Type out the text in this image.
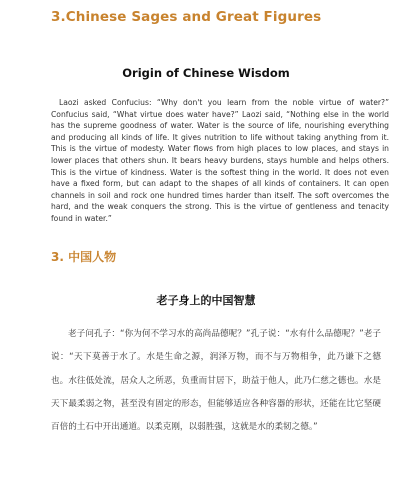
3.Chinese Sages and Great Figures
Origin of Chinese Wisdom
Laozi asked Confucius: “Why don't you learn from the noble virtue of water?” Confucius said, “What virtue does water have?” Laozi said, “Nothing else in the world has the supreme goodness of water. Water is the source of life, nourishing everything and producing all kinds of life. It gives nutrition to life without taking anything from it. This is the virtue of modesty. Water flows from high places to low places, and stays in lower places that others shun. It bears heavy burdens, stays humble and helps others. This is the virtue of kindness. Water is the softest thing in the world. It does not even have a fixed form, but can adapt to the shapes of all kinds of containers. It can open channels in soil and rock one hundred times harder than itself. The soft overcomes the hard, and the weak conquers the strong. This is the virtue of gentleness and tenacity found in water.”
3. 中国人物
老子身上的中国智慧
老子问孔子：“你为何不学习水的高尚品德呢？”孔子说：“水有什么品德呢？”老子说：“天下莫善于水了。水是生命之源，润泽万物，而不与万物相争，此乃谦下之德也。水往低处流，居众人之所恶，负重而甘居下，助益于他人，此乃仁慈之德也。水是天下最柔弱之物，甚至没有固定的形态，但能够适应各种容器的形状，还能在比它坚硬百倍的土石中开出通道。以柔克刚，以弱胜强，这就是水的柔韧之德。”
